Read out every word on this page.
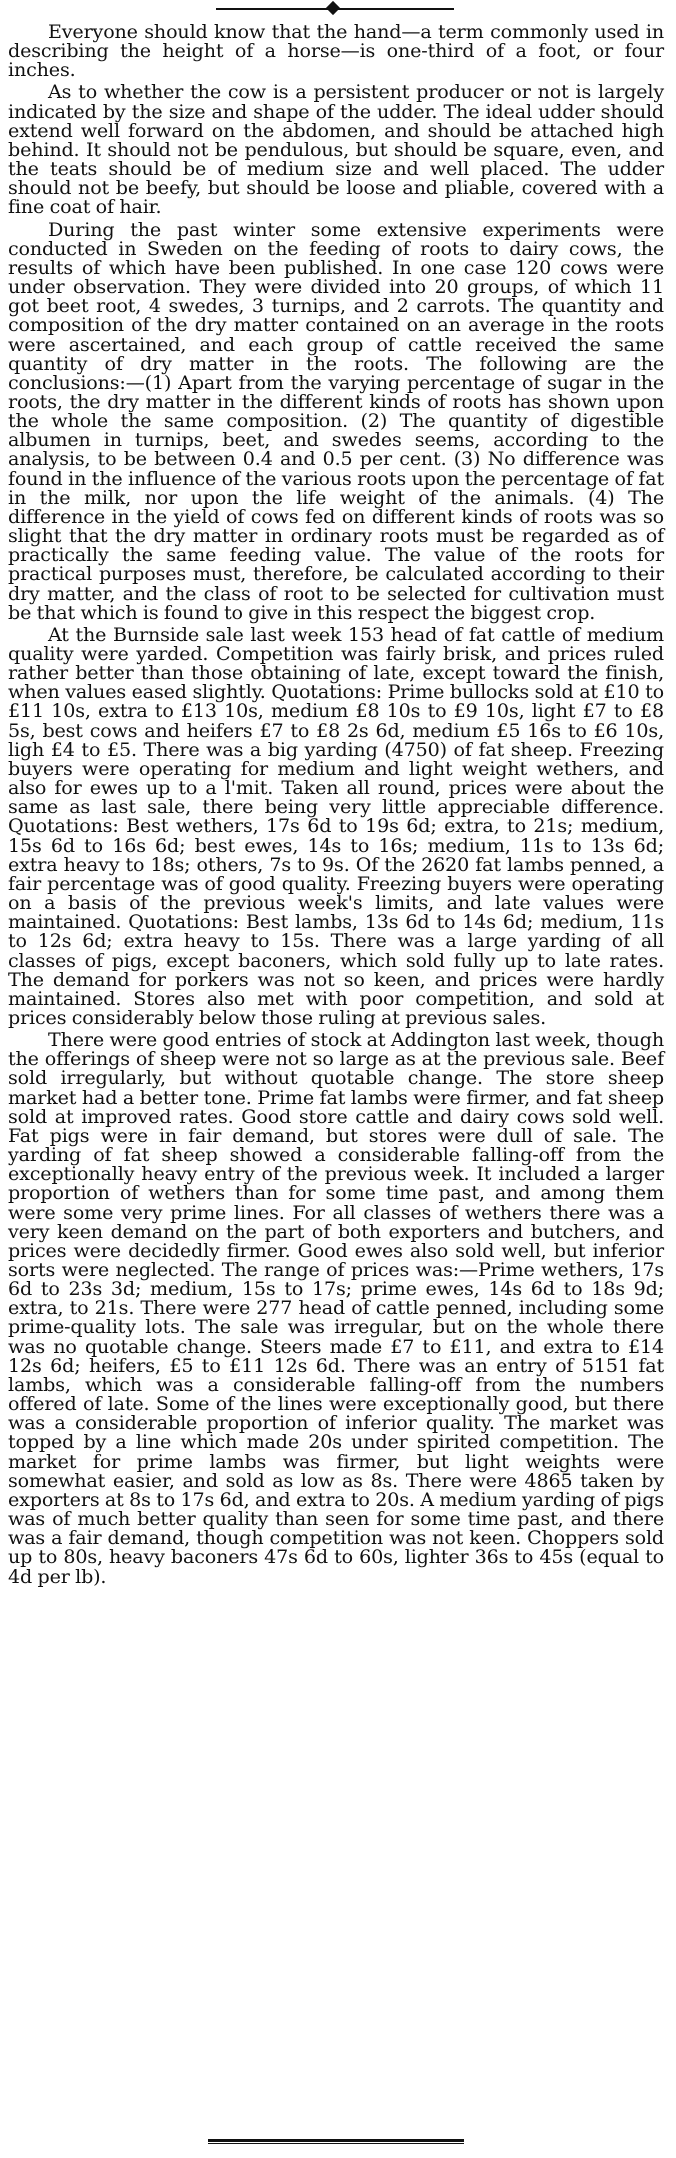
Everyone should know that the hand—a term commonly used in describing the height of a horse—is one-third of a foot, or four inches.

As to whether the cow is a persistent producer or not is largely indicated by the size and shape of the udder. The ideal udder should extend well forward on the abdomen, and should be attached high behind. It should not be pendulous, but should be square, even, and the teats should be of medium size and well placed. The udder should not be beefy, but should be loose and pliable, covered with a fine coat of hair.

During the past winter some extensive experiments were conducted in Sweden on the feeding of roots to dairy cows, the results of which have been published. In one case 120 cows were under observation. They were divided into 20 groups, of which 11 got beet root, 4 swedes, 3 turnips, and 2 carrots. The quantity and composition of the dry matter contained on an average in the roots were ascertained, and each group of cattle received the same quantity of dry matter in the roots. The following are the conclusions:—(1) Apart from the varying percentage of sugar in the roots, the dry matter in the different kinds of roots has shown upon the whole the same composition. (2) The quantity of digestible albumen in turnips, beet, and swedes seems, according to the analysis, to be between 0.4 and 0.5 per cent. (3) No difference was found in the influence of the various roots upon the percentage of fat in the milk, nor upon the life weight of the animals. (4) The difference in the yield of cows fed on different kinds of roots was so slight that the dry matter in ordinary roots must be regarded as of practically the same feeding value. The value of the roots for practical purposes must, therefore, be calculated according to their dry matter, and the class of root to be selected for cultivation must be that which is found to give in this respect the biggest crop.

At the Burnside sale last week 153 head of fat cattle of medium quality were yarded. Competition was fairly brisk, and prices ruled rather better than those obtaining of late, except toward the finish, when values eased slightly. Quotations: Prime bullocks sold at £10 to £11 10s, extra to £13 10s, medium £8 10s to £9 10s, light £7 to £8 5s, best cows and heifers £7 to £8 2s 6d, medium £5 16s to £6 10s, ligh £4 to £5. There was a big yarding (4750) of fat sheep. Freezing buyers were operating for medium and light weight wethers, and also for ewes up to a l'mit. Taken all round, prices were about the same as last sale, there being very little appreciable difference. Quotations: Best wethers, 17s 6d to 19s 6d; extra, to 21s; medium, 15s 6d to 16s 6d; best ewes, 14s to 16s; medium, 11s to 13s 6d; extra heavy to 18s; others, 7s to 9s. Of the 2620 fat lambs penned, a fair percentage was of good quality. Freezing buyers were operating on a basis of the previous week's limits, and late values were maintained. Quotations: Best lambs, 13s 6d to 14s 6d; medium, 11s to 12s 6d; extra heavy to 15s. There was a large yarding of all classes of pigs, except baconers, which sold fully up to late rates. The demand for porkers was not so keen, and prices were hardly maintained. Stores also met with poor competition, and sold at prices considerably below those ruling at previous sales.

There were good entries of stock at Addington last week, though the offerings of sheep were not so large as at the previous sale. Beef sold irregularly, but without quotable change. The store sheep market had a better tone. Prime fat lambs were firmer, and fat sheep sold at improved rates. Good store cattle and dairy cows sold well. Fat pigs were in fair demand, but stores were dull of sale. The yarding of fat sheep showed a considerable falling-off from the exceptionally heavy entry of the previous week. It included a larger proportion of wethers than for some time past, and among them were some very prime lines. For all classes of wethers there was a very keen demand on the part of both exporters and butchers, and prices were decidedly firmer. Good ewes also sold well, but inferior sorts were neglected. The range of prices was:—Prime wethers, 17s 6d to 23s 3d; medium, 15s to 17s; prime ewes, 14s 6d to 18s 9d; extra, to 21s. There were 277 head of cattle penned, including some prime-quality lots. The sale was irregular, but on the whole there was no quotable change. Steers made £7 to £11, and extra to £14 12s 6d; heifers, £5 to £11 12s 6d. There was an entry of 5151 fat lambs, which was a considerable falling-off from the numbers offered of late. Some of the lines were exceptionally good, but there was a considerable proportion of inferior quality. The market was topped by a line which made 20s under spirited competition. The market for prime lambs was firmer, but light weights were somewhat easier, and sold as low as 8s. There were 4865 taken by exporters at 8s to 17s 6d, and extra to 20s. A medium yarding of pigs was of much better quality than seen for some time past, and there was a fair demand, though competition was not keen. Choppers sold up to 80s, heavy baconers 47s 6d to 60s, lighter 36s to 45s (equal to 4d per lb).
